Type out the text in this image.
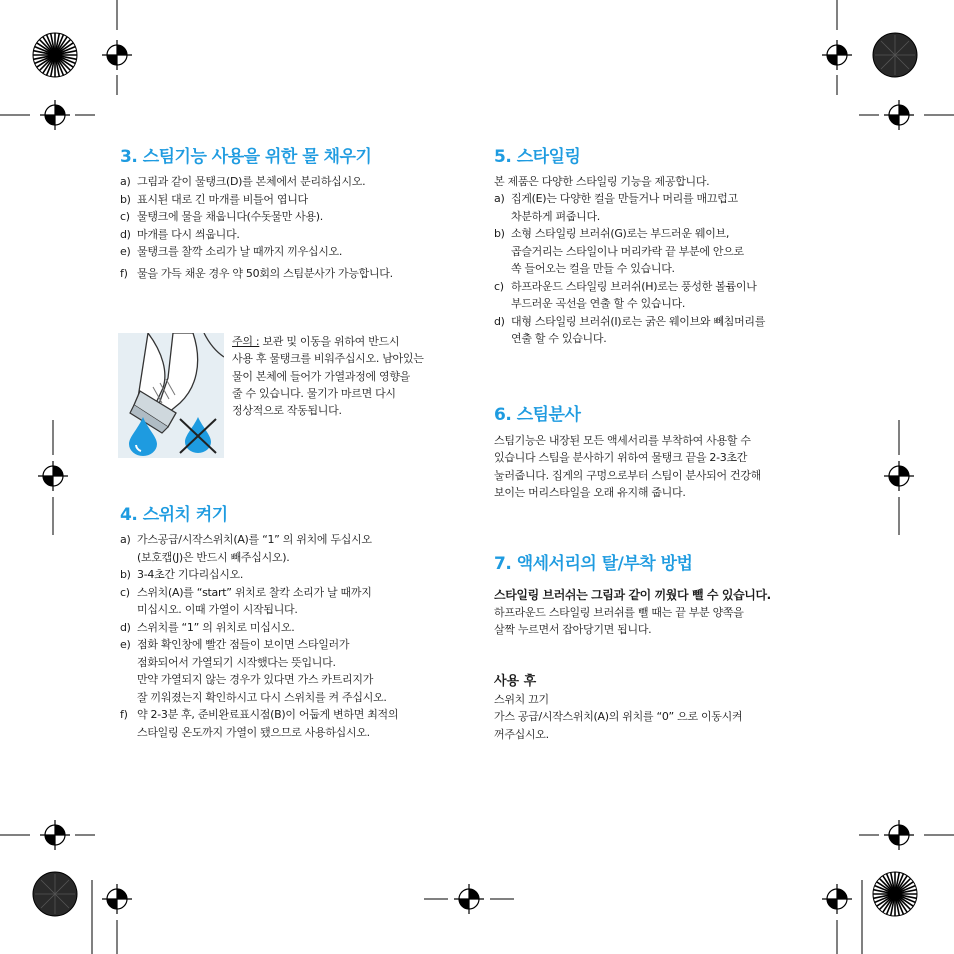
3. 스팀기능 사용을 위한 물 채우기
a) 그림과 같이 물탱크(D)를 본체에서 분리하십시오.
b) 표시된 대로 긴 마개를 비틀어 엽니다
c) 물탱크에 물을 채웁니다(수돗물만 사용).
d) 마개를 다시 씌웁니다.
e) 물탱크를 찰깍 소리가 날 때까지 끼우십시오.
f) 물을 가득 채운 경우 약 50회의 스팀분사가 가능합니다.
주의 : 보관 및 이동을 위하여 반드시
사용 후 물탱크를 비워주십시오. 남아있는
물이 본체에 들어가 가열과정에 영향을
줄 수 있습니다. 물기가 마르면 다시
정상적으로 작동됩니다.
4. 스위치 켜기
a) 가스공급/시작스위치(A)를 “1” 의 위치에 두십시오
(보호캡(J)은 반드시 빼주십시오).
b) 3-4초간 기다리십시오.
c) 스위치(A)를 “start” 위치로 찰칵 소리가 날 때까지
미십시오. 이때 가열이 시작됩니다.
d) 스위치를 “1” 의 위치로 미십시오.
e) 점화 확인창에 빨간 점들이 보이면 스타일러가
점화되어서 가열되기 시작했다는 뜻입니다.
만약 가열되지 않는 경우가 있다면 가스 카트리지가
잘 끼워졌는지 확인하시고 다시 스위치를 켜 주십시오.
f) 약 2-3분 후, 준비완료표시점(B)이 어둡게 변하면 최적의
스타일링 온도까지 가열이 됐으므로 사용하십시오.
5. 스타일링
본 제품은 다양한 스타일링 기능을 제공합니다.
a) 집게(E)는 다양한 컬을 만들거나 머리를 매끄럽고
차분하게 펴줍니다.
b) 소형 스타일링 브러쉬(G)로는 부드러운 웨이브,
곱슬거리는 스타일이나 머리카락 끝 부분에 안으로
쏙 들어오는 컬을 만들 수 있습니다.
c) 하프라운드 스타일링 브러쉬(H)로는 풍성한 볼륨이나
부드러운 곡선을 연출 할 수 있습니다.
d) 대형 스타일링 브러쉬(I)로는 굵은 웨이브와 뻬침머리를
연출 할 수 있습니다.
6. 스팀분사
스팀기능은 내장된 모든 액세서리를 부착하여 사용할 수
있습니다 스팀을 분사하기 위하여 물탱크 끝을 2-3초간
눌러줍니다. 집게의 구멍으로부터 스팀이 분사되어 건강해
보이는 머리스타일을 오래 유지해 줍니다.
7. 액세서리의 탈/부착 방법
스타일링 브러쉬는 그림과 같이 끼웠다 뺄 수 있습니다.
하프라운드 스타일링 브러쉬를 뺄 때는 끝 부분 양쪽을
살짝 누르면서 잡아당기면 됩니다.
사용 후
스위치 끄기
가스 공급/시작스위치(A)의 위치를 “0” 으로 이동시켜
꺼주십시오.
